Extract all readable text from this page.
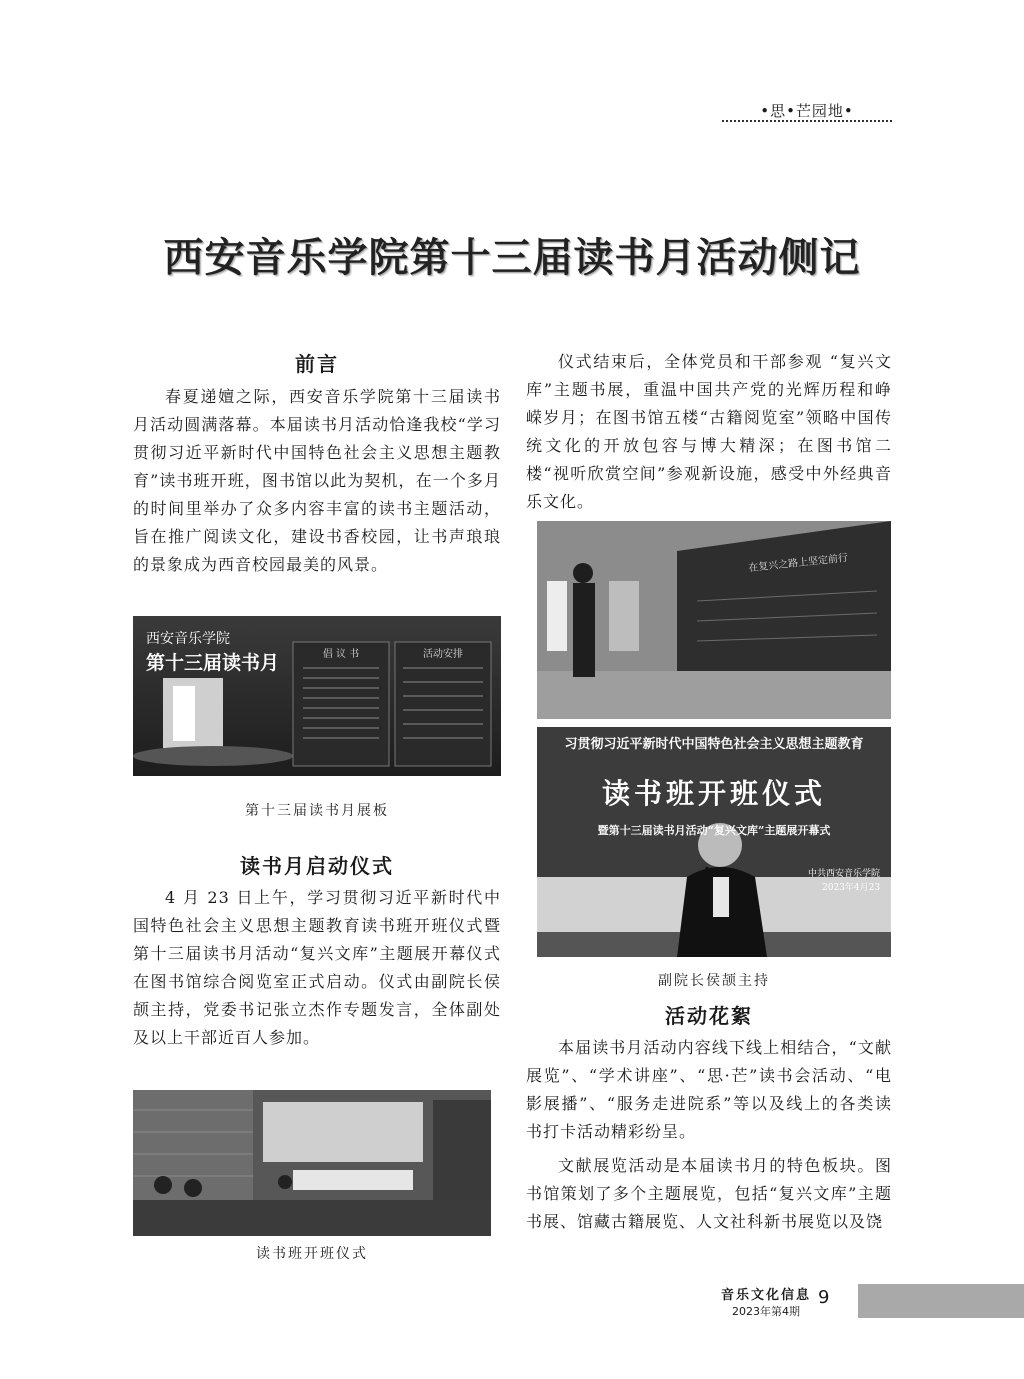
•思•芒园地•
西安音乐学院第十三届读书月活动侧记
前言

春夏递嬗之际，西安音乐学院第十三届读书月活动圆满落幕。本届读书月活动恰逢我校“学习贯彻习近平新时代中国特色社会主义思想主题教育”读书班开班，图书馆以此为契机，在一个多月的时间里举办了众多内容丰富的读书主题活动，旨在推广阅读文化，建设书香校园，让书声琅琅的景象成为西音校园最美的风景。

西安音乐学院
第十三届读书月	倡 议 书	活动安排
第十三届读书月展板
读书月启动仪式

4 月 23 日上午，学习贯彻习近平新时代中国特色社会主义思想主题教育读书班开班仪式暨第十三届读书月活动“复兴文库”主题展开幕仪式在图书馆综合阅览室正式启动。仪式由副院长侯颉主持，党委书记张立杰作专题发言，全体副处及以上干部近百人参加。

读书班开班仪式

仪式结束后，全体党员和干部参观 “复兴文库”主题书展，重温中国共产党的光辉历程和峥嵘岁月；在图书馆五楼“古籍阅览室”领略中国传统文化的开放包容与博大精深；在图书馆二楼“视听欣赏空间”参观新设施，感受中外经典音乐文化。

在复兴之路上坚定前行
习贯彻习近平新时代中国特色社会主义思想主题教育
读书班开班仪式
暨第十三届读书月活动“复兴文库”主题展开幕式
中共西安音乐学院
2023年4月23
副院长侯颉主持
活动花絮

本届读书月活动内容线下线上相结合，“文献展览”、“学术讲座”、“思·芒”读书会活动、“电影展播”、“服务走进院系”等以及线上的各类读书打卡活动精彩纷呈。

文献展览活动是本届读书月的特色板块。图书馆策划了多个主题展览，包括“复兴文库”主题书展、馆藏古籍展览、人文社科新书展览以及饶

音乐文化信息
2023年第4期
9
